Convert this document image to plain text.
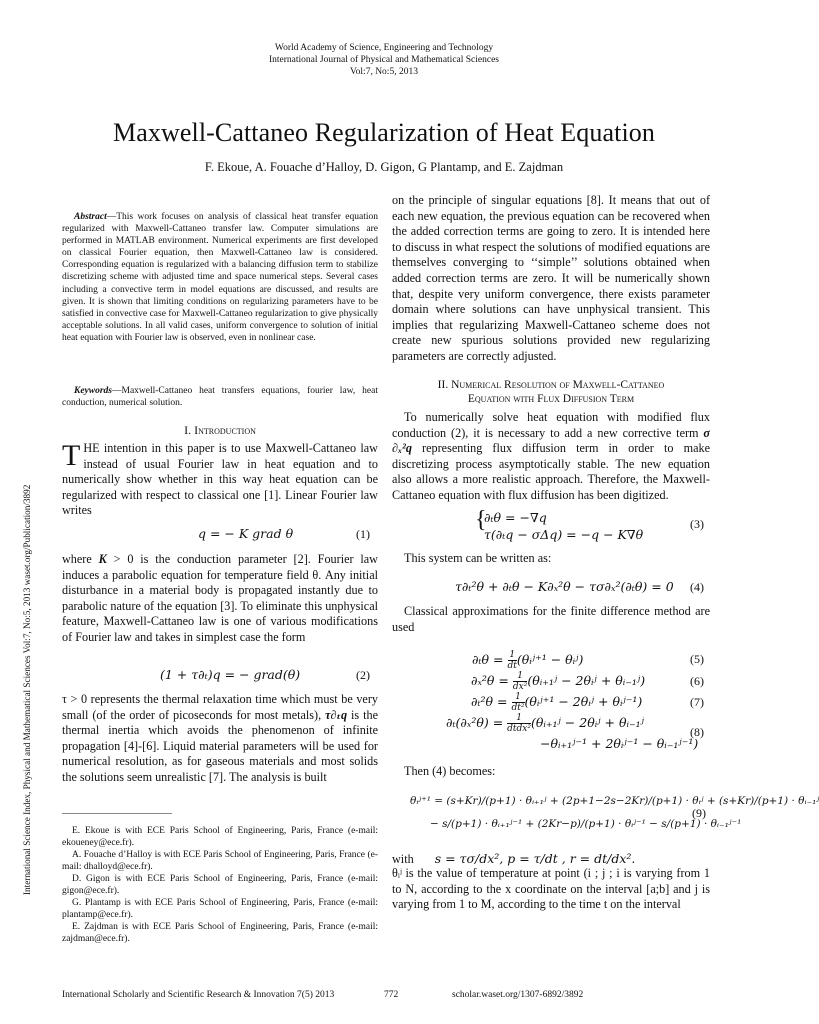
World Academy of Science, Engineering and Technology
International Journal of Physical and Mathematical Sciences
Vol:7, No:5, 2013
Maxwell-Cattaneo Regularization of Heat Equation
F. Ekoue, A. Fouache d’Halloy, D. Gigon, G Plantamp, and E. Zajdman
International Science Index, Physical and Mathematical Sciences Vol:7, No:5, 2013 waset.org/Publication/3892
Abstract—This work focuses on analysis of classical heat transfer equation regularized with Maxwell-Cattaneo transfer law. Computer simulations are performed in MATLAB environment. Numerical experiments are first developed on classical Fourier equation, then Maxwell-Cattaneo law is considered. Corresponding equation is regularized with a balancing diffusion term to stabilize discretizing scheme with adjusted time and space numerical steps. Several cases including a convective term in model equations are discussed, and results are given. It is shown that limiting conditions on regularizing parameters have to be satisfied in convective case for Maxwell-Cattaneo regularization to give physically acceptable solutions. In all valid cases, uniform convergence to solution of initial heat equation with Fourier law is observed, even in nonlinear case.
Keywords—Maxwell-Cattaneo heat transfers equations, fourier law, heat conduction, numerical solution.
I. Introduction
THE intention in this paper is to use Maxwell-Cattaneo law instead of usual Fourier law in heat equation and to numerically show whether in this way heat equation can be regularized with respect to classical one [1]. Linear Fourier law writes
q = − K grad θ	(1)
where K > 0 is the conduction parameter [2]. Fourier law induces a parabolic equation for temperature field θ. Any initial disturbance in a material body is propagated instantly due to parabolic nature of the equation [3]. To eliminate this unphysical feature, Maxwell-Cattaneo law is one of various modifications of Fourier law and takes in simplest case the form
(1 + τ∂ₜ)q = − grad(θ)	(2)
τ > 0 represents the thermal relaxation time which must be very small (of the order of picoseconds for most metals), τ∂ₜq is the thermal inertia which avoids the phenomenon of infinite propagation [4]-[6]. Liquid material parameters will be used for numerical resolution, as for gaseous materials and most solids the solutions seem unrealistic [7]. The analysis is built
E. Ekoue is with ECE Paris School of Engineering, Paris, France (e-mail: ekoueney@ece.fr).
A. Fouache d’Halloy is with ECE Paris School of Engineering, Paris, France (e-mail: dhalloyd@ece.fr).
D. Gigon is with ECE Paris School of Engineering, Paris, France (e-mail: gigon@ece.fr).
G. Plantamp is with ECE Paris School of Engineering, Paris, France (e-mail: plantamp@ece.fr).
E. Zajdman is with ECE Paris School of Engineering, Paris, France (e-mail: zajdman@ece.fr).
on the principle of singular equations [8]. It means that out of each new equation, the previous equation can be recovered when the added correction terms are going to zero. It is intended here to discuss in what respect the solutions of modified equations are themselves converging to ‘‘simple’’ solutions obtained when added correction terms are zero. It will be numerically shown that, despite very uniform convergence, there exists parameter domain where solutions can have unphysical transient. This implies that regularizing Maxwell-Cattaneo scheme does not create new spurious solutions provided new regularizing parameters are correctly adjusted.
II. Numerical Resolution of Maxwell-Cattaneo
Equation with Flux Diffusion Term
To numerically solve heat equation with modified flux conduction (2), it is necessary to add a new corrective term σ ∂ₓ²q representing flux diffusion term in order to make discretizing process asymptotically stable. The new equation also allows a more realistic approach. Therefore, the Maxwell-Cattaneo equation with flux diffusion has been digitized.
{
∂ₜθ = −∇q
τ(∂ₜq − σΔq) = −q − K∇θ
(3)
This system can be written as:
τ∂ₜ²θ + ∂ₜθ − K∂ₓ²θ − τσ∂ₓ²(∂ₜθ) = 0 (4)
Classical approximations for the finite difference method are used
$\partial_t\theta = \frac{1}{dt}$ (θᵢʲ⁺¹ − θᵢʲ)	(5)
$\partial_x^2\theta = \frac{1}{\text{dx²}}$ (θᵢ₊₁ʲ − 2θᵢʲ + θᵢ₋₁ʲ)	(6)
$\partial_t^2\theta = \frac{1}{\text{dt²}}$ (θᵢʲ⁺¹ − 2θᵢʲ + θᵢʲ⁻¹)	(7)
$\partial_t(\partial_x^2\theta) = \frac{1}{\text{dtdx²}}$ (θᵢ₊₁ʲ − 2θᵢʲ + θᵢ₋₁ʲ
−θᵢ₊₁ʲ⁻¹ + 2θᵢʲ⁻¹ − θᵢ₋₁ʲ⁻¹)
(8)
Then (4) becomes:
θᵢʲ⁺¹ = (s+Kr)/(p+1) · θᵢ₊₁ʲ + (2p+1−2s−2Kr)/(p+1) · θᵢʲ + (s+Kr)/(p+1) · θᵢ₋₁ʲ
− s/(p+1) · θᵢ₊₁ʲ⁻¹ + (2Kr−p)/(p+1) · θᵢʲ⁻¹ − s/(p+1) · θᵢ₋₁ʲ⁻¹
(9)
with s = τσ/dx², p = τ/dt , r = dt/dx².
θᵢʲ is the value of temperature at point (i ; j ; i is varying from 1 to N, according to the x coordinate on the interval [a;b] and j is varying from 1 to M, according to the time t on the interval
International Scholarly and Scientific Research & Innovation 7(5) 2013	772	scholar.waset.org/1307-6892/3892
